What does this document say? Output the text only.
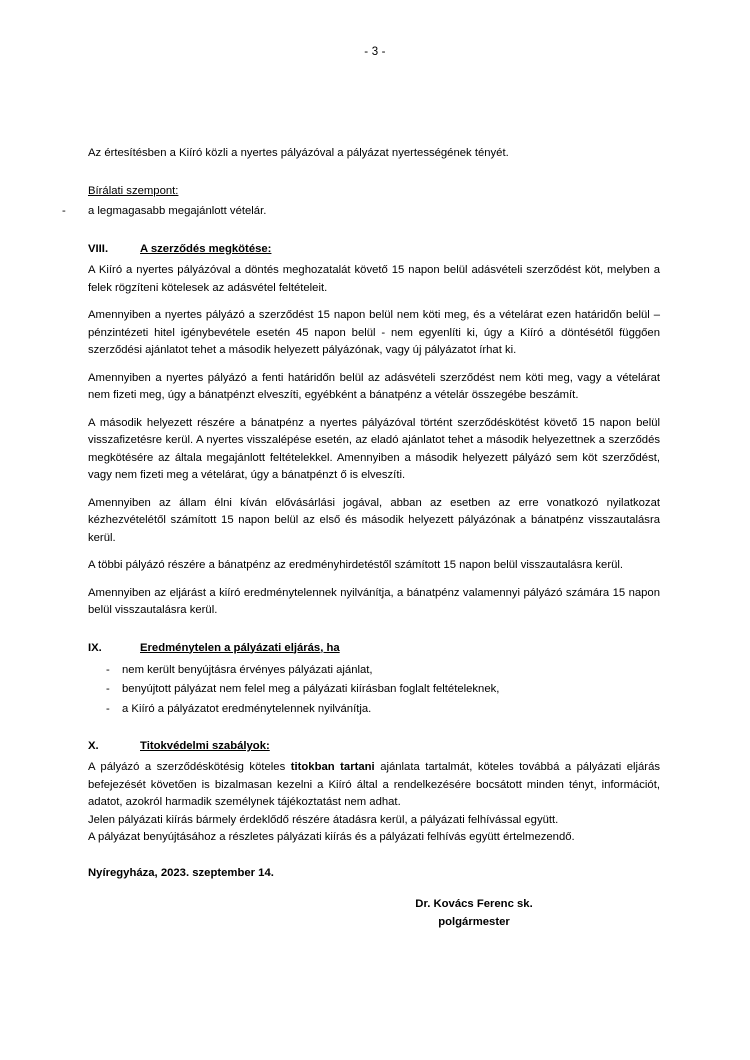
- 3 -

Az értesítésben a Kiíró közli a nyertes pályázóval a pályázat nyertességének tényét.

Bírálati szempont:

- a legmagasabb megajánlott vételár.

VIII.	A szerződés megkötése:

A Kiíró a nyertes pályázóval a döntés meghozatalát követő 15 napon belül adásvételi szerződést köt, melyben a felek rögzíteni kötelesek az adásvétel feltételeit.

Amennyiben a nyertes pályázó a szerződést 15 napon belül nem köti meg, és a vételárat ezen határidőn belül – pénzintézeti hitel igénybevétele esetén 45 napon belül - nem egyenlíti ki, úgy a Kiíró a döntésétől függően szerződési ajánlatot tehet a második helyezett pályázónak, vagy új pályázatot írhat ki.

Amennyiben a nyertes pályázó a fenti határidőn belül az adásvételi szerződést nem köti meg, vagy a vételárat nem fizeti meg, úgy a bánatpénzt elveszíti, egyébként a bánatpénz a vételár összegébe beszámít.

A második helyezett részére a bánatpénz a nyertes pályázóval történt szerződéskötést követő 15 napon belül visszafizetésre kerül. A nyertes visszalépése esetén, az eladó ajánlatot tehet a második helyezettnek a szerződés megkötésére az általa megajánlott feltételekkel. Amennyiben a második helyezett pályázó sem köt szerződést, vagy nem fizeti meg a vételárat, úgy a bánatpénzt ő is elveszíti.

Amennyiben az állam élni kíván elővásárlási jogával, abban az esetben az erre vonatkozó nyilatkozat kézhezvételétől számított 15 napon belül az első és második helyezett pályázónak a bánatpénz visszautalásra kerül.

A többi pályázó részére a bánatpénz az eredményhirdetéstől számított 15 napon belül visszautalásra kerül.

Amennyiben az eljárást a kiíró eredménytelennek nyilvánítja, a bánatpénz valamennyi pályázó számára 15 napon belül visszautalásra kerül.

IX.	Eredménytelen a pályázati eljárás, ha

- nem került benyújtásra érvényes pályázati ajánlat,
- benyújtott pályázat nem felel meg a pályázati kiírásban foglalt feltételeknek,
- a Kiíró a pályázatot eredménytelennek nyilvánítja.

X.	Titokvédelmi szabályok:

A pályázó a szerződéskötésig köteles titokban tartani ajánlata tartalmát, köteles továbbá a pályázati eljárás befejezését követően is bizalmasan kezelni a Kiíró által a rendelkezésére bocsátott minden tényt, információt, adatot, azokról harmadik személynek tájékoztatást nem adhat.

Jelen pályázati kiírás bármely érdeklődő részére átadásra kerül, a pályázati felhívással együtt.

A pályázat benyújtásához a részletes pályázati kiírás és a pályázati felhívás együtt értelmezendő.

Nyíregyháza, 2023. szeptember 14.

Dr. Kovács Ferenc sk.
polgármester
